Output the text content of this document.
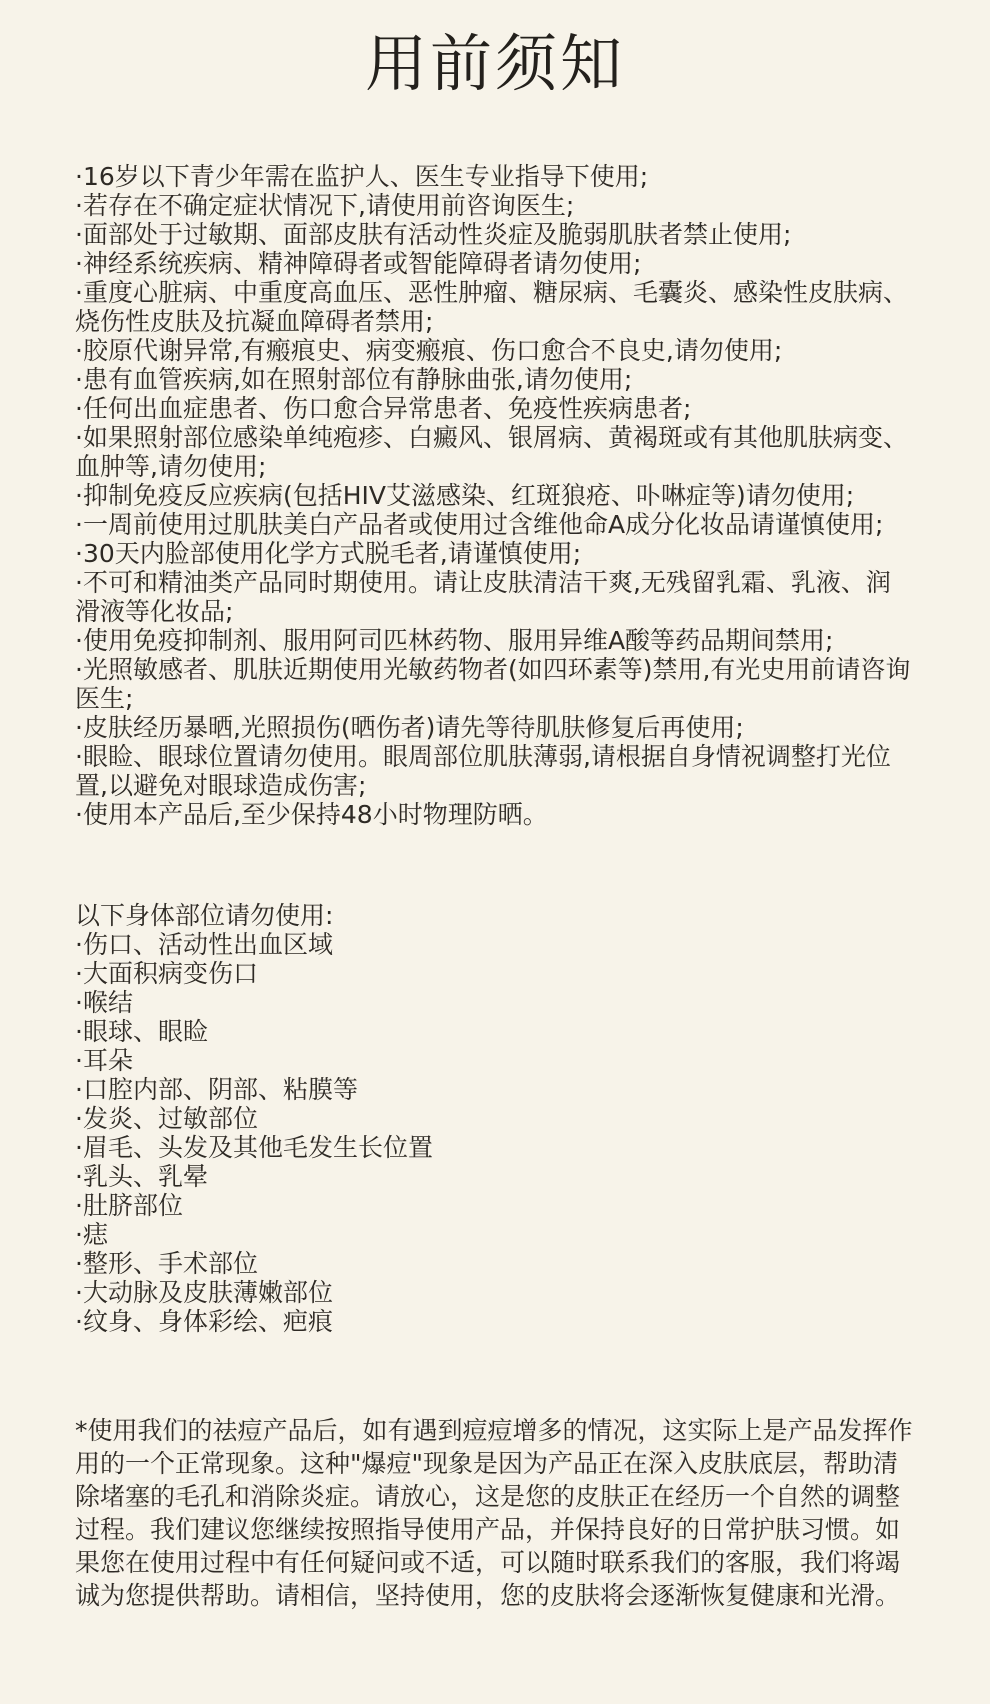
用前须知

·16岁以下青少年需在监护人、医生专业指导下使用;

·若存在不确定症状情况下,请使用前咨询医生;

·面部处于过敏期、面部皮肤有活动性炎症及脆弱肌肤者禁止使用;

·神经系统疾病、精神障碍者或智能障碍者请勿使用;

·重度心脏病、中重度高血压、恶性肿瘤、糖尿病、毛囊炎、感染性皮肤病、烧伤性皮肤及抗凝血障碍者禁用;

·胶原代谢异常,有瘢痕史、病变瘢痕、伤口愈合不良史,请勿使用;

·患有血管疾病,如在照射部位有静脉曲张,请勿使用;

·任何出血症患者、伤口愈合异常患者、免疫性疾病患者;

·如果照射部位感染单纯疱疹、白癜风、银屑病、黄褐斑或有其他肌肤病变、血肿等,请勿使用;

·抑制免疫反应疾病(包括HIV艾滋感染、红斑狼疮、卟啉症等)请勿使用;

·一周前使用过肌肤美白产品者或使用过含维他命A成分化妆品请谨慎使用;

·30天内脸部使用化学方式脱毛者,请谨慎使用;

·不可和精油类产品同时期使用。请让皮肤清洁干爽,无残留乳霜、乳液、润滑液等化妆品;

·使用免疫抑制剂、服用阿司匹林药物、服用异维A酸等药品期间禁用;

·光照敏感者、肌肤近期使用光敏药物者(如四环素等)禁用,有光史用前请咨询医生;

·皮肤经历暴晒,光照损伤(晒伤者)请先等待肌肤修复后再使用;

·眼睑、眼球位置请勿使用。眼周部位肌肤薄弱,请根据自身情祝调整打光位置,以避免对眼球造成伤害;

·使用本产品后,至少保持48小时物理防晒。

以下身体部位请勿使用:

·伤口、活动性出血区域

·大面积病变伤口

·喉结

·眼球、眼睑

·耳朵

·口腔内部、阴部、粘膜等

·发炎、过敏部位

·眉毛、头发及其他毛发生长位置

·乳头、乳晕

·肚脐部位

·痣

·整形、手术部位

·大动脉及皮肤薄嫩部位

·纹身、身体彩绘、疤痕

*使用我们的祛痘产品后，如有遇到痘痘增多的情况，这实际上是产品发挥作用的一个正常现象。这种"爆痘"现象是因为产品正在深入皮肤底层，帮助清除堵塞的毛孔和消除炎症。请放心，这是您的皮肤正在经历一个自然的调整过程。我们建议您继续按照指导使用产品，并保持良好的日常护肤习惯。如果您在使用过程中有任何疑问或不适，可以随时联系我们的客服，我们将竭诚为您提供帮助。请相信，坚持使用，您的皮肤将会逐渐恢复健康和光滑。
